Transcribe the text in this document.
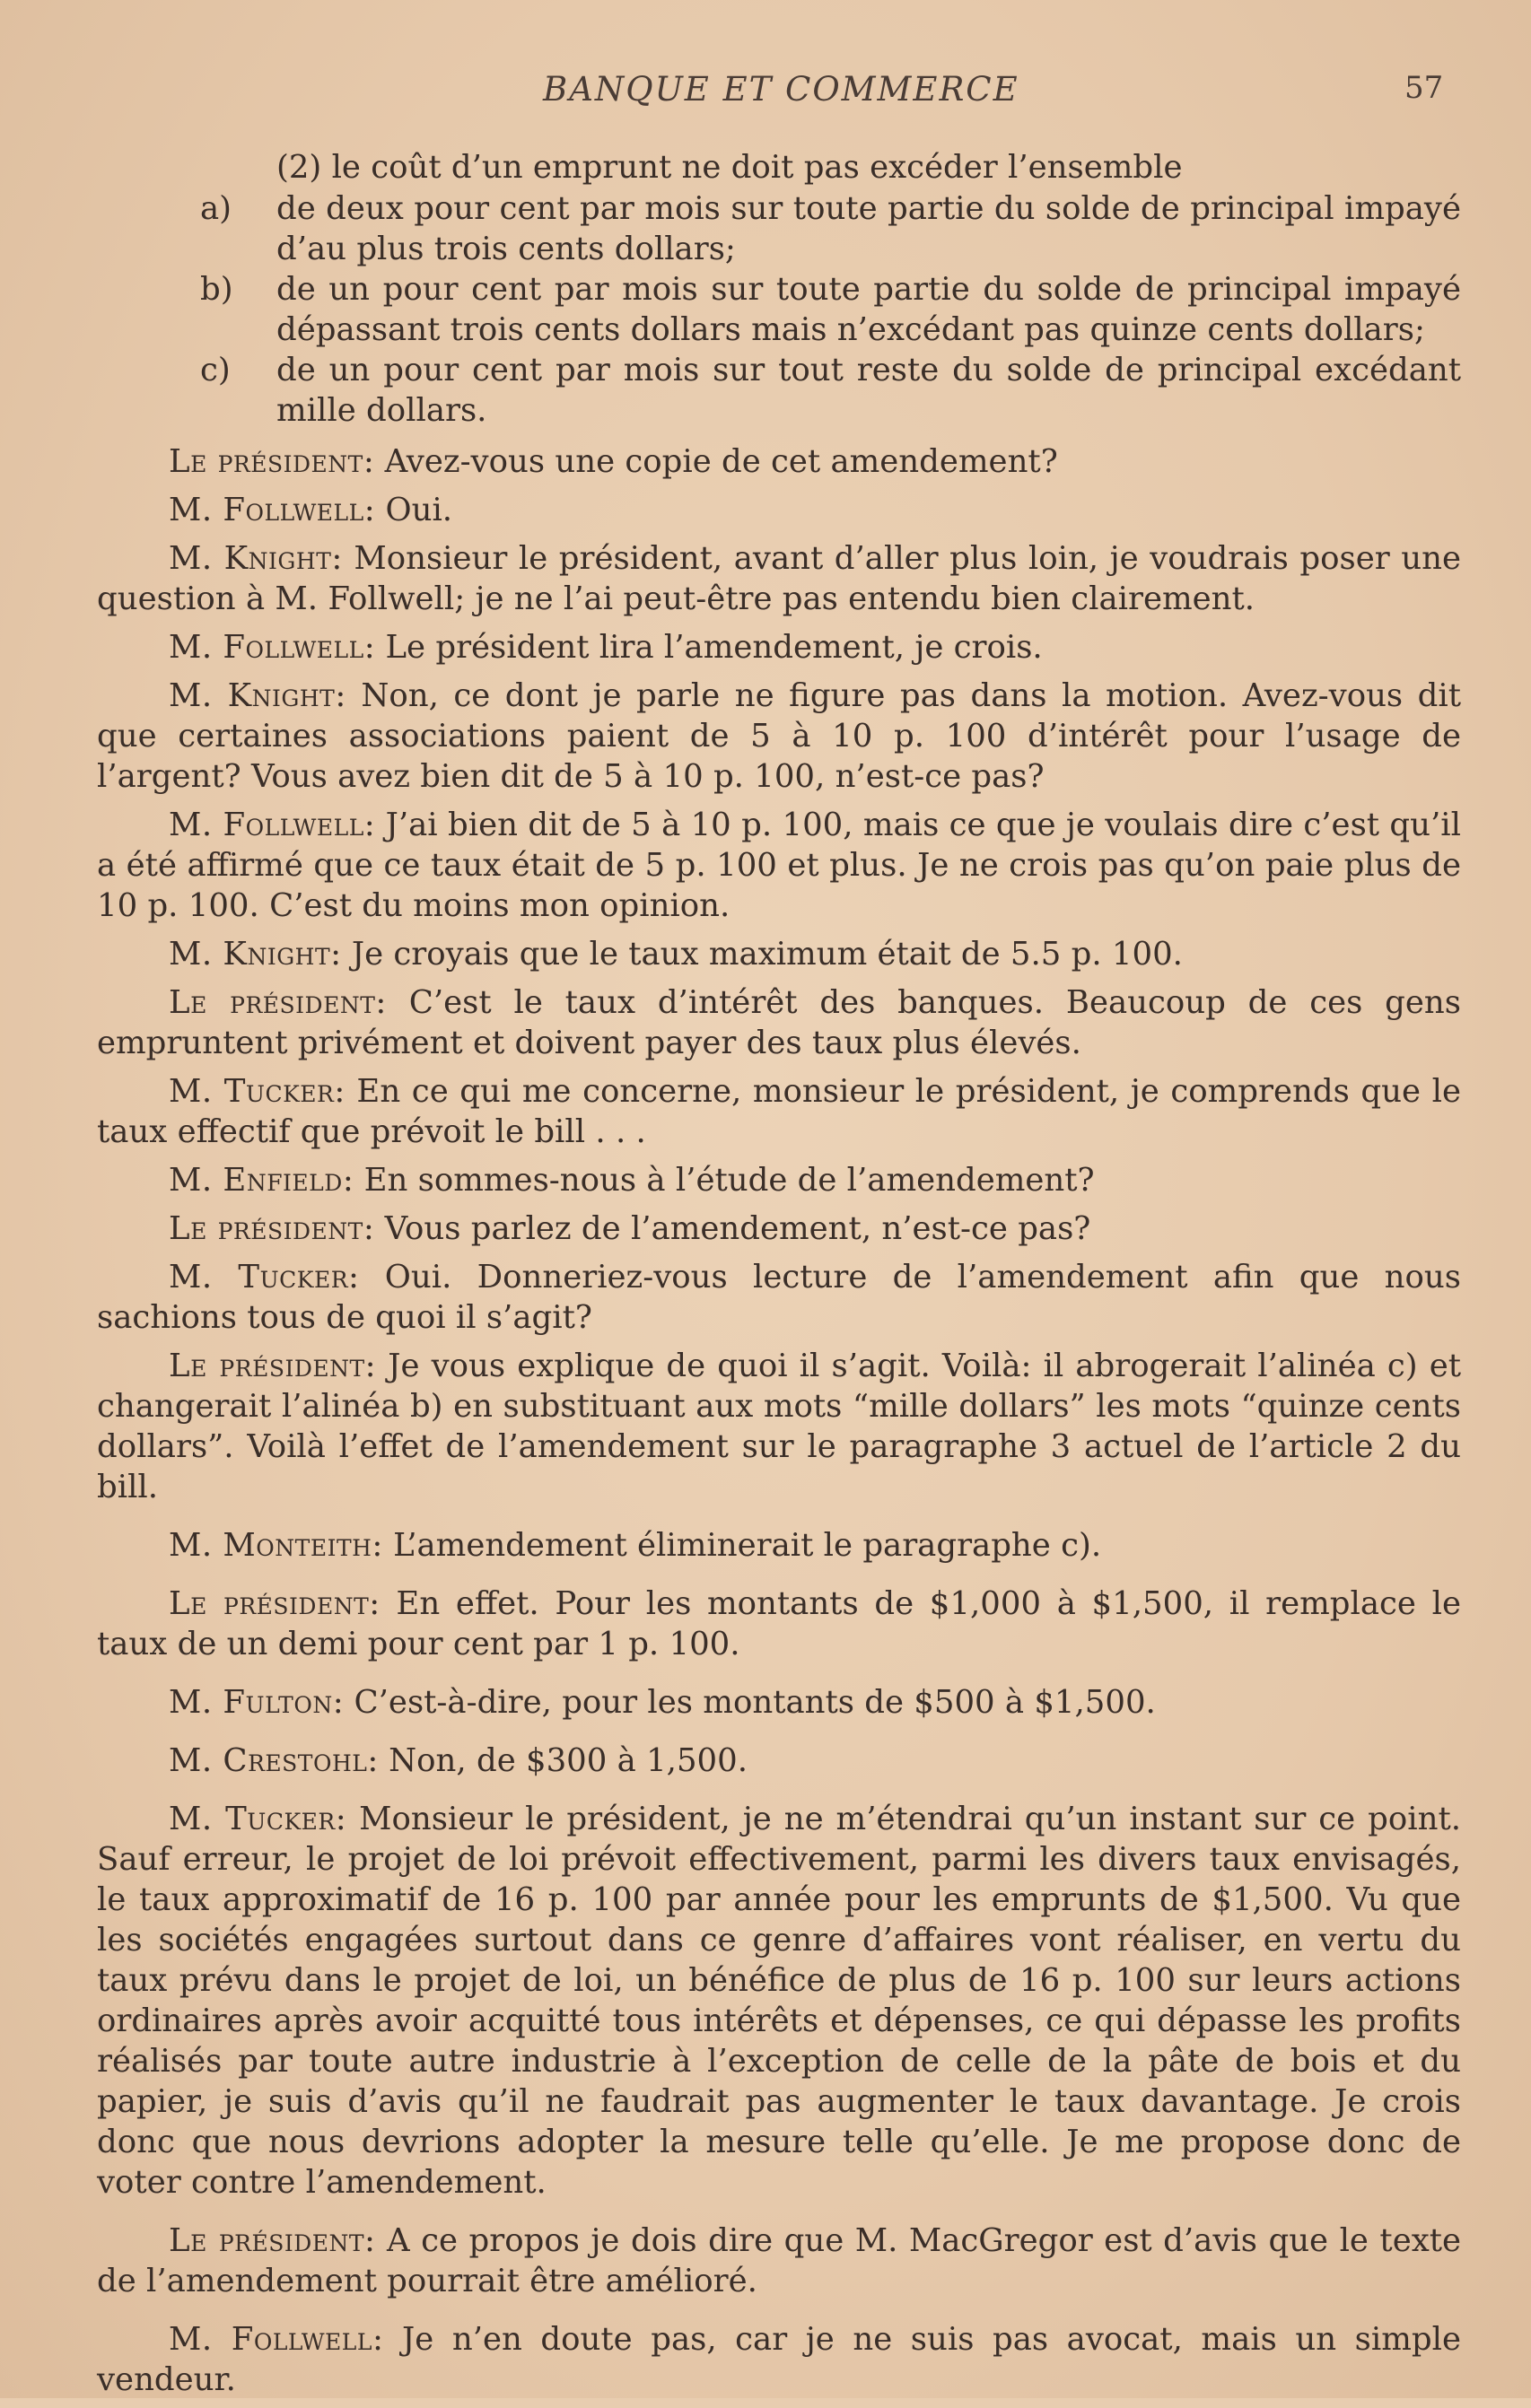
BANQUE ET COMMERCE	57

(2) le coût d’un emprunt ne doit pas excéder l’ensemble

a) de deux pour cent par mois sur toute partie du solde de principal impayé d’au plus trois cents dollars;

b) de un pour cent par mois sur toute partie du solde de principal impayé dépassant trois cents dollars mais n’excédant pas quinze cents dollars;

c) de un pour cent par mois sur tout reste du solde de principal excédant mille dollars.

Le président: Avez-vous une copie de cet amendement?

M. Follwell: Oui.

M. Knight: Monsieur le président, avant d’aller plus loin, je voudrais poser une question à M. Follwell; je ne l’ai peut-être pas entendu bien clairement.

M. Follwell: Le président lira l’amendement, je crois.

M. Knight: Non, ce dont je parle ne figure pas dans la motion. Avez-vous dit que certaines associations paient de 5 à 10 p. 100 d’intérêt pour l’usage de l’argent? Vous avez bien dit de 5 à 10 p. 100, n’est-ce pas?

M. Follwell: J’ai bien dit de 5 à 10 p. 100, mais ce que je voulais dire c’est qu’il a été affirmé que ce taux était de 5 p. 100 et plus. Je ne crois pas qu’on paie plus de 10 p. 100. C’est du moins mon opinion.

M. Knight: Je croyais que le taux maximum était de 5.5 p. 100.

Le président: C’est le taux d’intérêt des banques. Beaucoup de ces gens empruntent privément et doivent payer des taux plus élevés.

M. Tucker: En ce qui me concerne, monsieur le président, je comprends que le taux effectif que prévoit le bill . . .

M. Enfield: En sommes-nous à l’étude de l’amendement?

Le président: Vous parlez de l’amendement, n’est-ce pas?

M. Tucker: Oui. Donneriez-vous lecture de l’amendement afin que nous sachions tous de quoi il s’agit?

Le président: Je vous explique de quoi il s’agit. Voilà: il abrogerait l’alinéa c) et changerait l’alinéa b) en substituant aux mots “mille dollars” les mots “quinze cents dollars”. Voilà l’effet de l’amendement sur le paragraphe 3 actuel de l’article 2 du bill.

M. Monteith: L’amendement éliminerait le paragraphe c).

Le président: En effet. Pour les montants de $1,000 à $1,500, il remplace le taux de un demi pour cent par 1 p. 100.

M. Fulton: C’est-à-dire, pour les montants de $500 à $1,500.

M. Crestohl: Non, de $300 à 1,500.

M. Tucker: Monsieur le président, je ne m’étendrai qu’un instant sur ce point. Sauf erreur, le projet de loi prévoit effectivement, parmi les divers taux envisagés, le taux approximatif de 16 p. 100 par année pour les emprunts de $1,500. Vu que les sociétés engagées surtout dans ce genre d’affaires vont réaliser, en vertu du taux prévu dans le projet de loi, un bénéfice de plus de 16 p. 100 sur leurs actions ordinaires après avoir acquitté tous intérêts et dépenses, ce qui dépasse les profits réalisés par toute autre industrie à l’exception de celle de la pâte de bois et du papier, je suis d’avis qu’il ne faudrait pas augmenter le taux davantage. Je crois donc que nous devrions adopter la mesure telle qu’elle. Je me propose donc de voter contre l’amendement.

Le président: A ce propos je dois dire que M. MacGregor est d’avis que le texte de l’amendement pourrait être amélioré.

M. Follwell: Je n’en doute pas, car je ne suis pas avocat, mais un simple vendeur.
